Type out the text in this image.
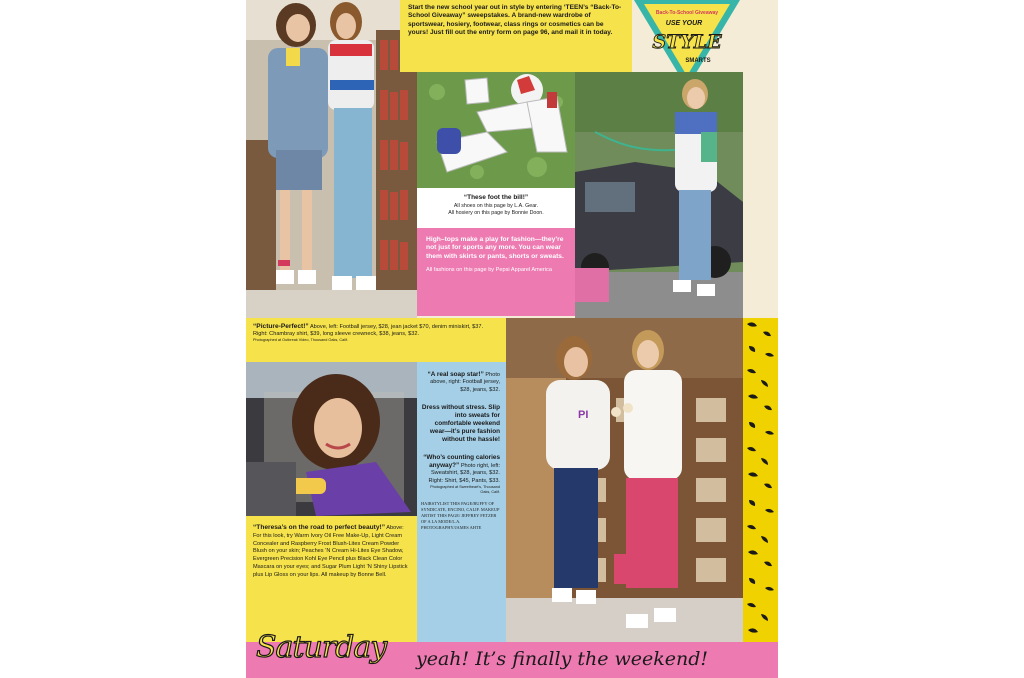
Start the new school year out in style by entering ‘TEEN’s “Back-To-School Giveaway” sweepstakes. A brand-new wardrobe of sportswear, hosiery, footwear, class rings or cosmetics can be yours! Just fill out the entry form on page 96, and mail it in today.
Back-To-School Giveaway
USE YOUR
STYLE
SMARTS
“These foot the bill!”
All shoes on this page by L.A. Gear.
All hosiery on this page by Bonnie Doon.
High–tops make a play for fashion—they’re not just for sports any more. You can wear them with skirts or pants, shorts or sweats.
All fashions on this page by Pepsi Apparel America
“Picture-Perfect!” Above, left: Football jersey, $28, jean jacket $70, denim miniskirt, $37. Right: Chambray shirt, $39, long sleeve crewneck, $38, jeans, $32.
Photographed at Outbreak Video, Thousand Oaks, Calif.
“A real soap star!” Photo above, right: Football jersey, $28, jeans, $32.
Dress without stress. Slip into sweats for comfortable weekend wear—it’s pure fashion without the hassle!
“Who’s counting calories anyway?” Photo right, left: Sweatshirt, $28, jeans, $32. Right: Shirt, $45, Pants, $33.
Photographed at Sweetheart's, Thousand Oaks, Calif.
HAIRSTYLIST THIS PAGE/BUFFY OF SYNDICATE, ENCINO, CALIF. MAKEUP ARTIST THIS PAGE/ JEFFREY FETZER OF A LA MODE/L.A. PHOTOGRAPHY/JAMES AHTE
PI
“Theresa’s on the road to perfect beauty!” Above: For this look, try Warm Ivory Oil Free Make-Up, Light Cream Concealer and Raspberry Frost Blush-Lites Cream Powder Blush on your skin; Peaches ’N Cream Hi-Lites Eye Shadow, Evergreen Precision Kohl Eye Pencil plus Black Clean Color Mascara on your eyes; and Sugar Plum Light ’N Shiny Lipstick plus Lip Gloss on your lips. All makeup by Bonne Bell.
Saturday yeah! It’s finally the weekend!
